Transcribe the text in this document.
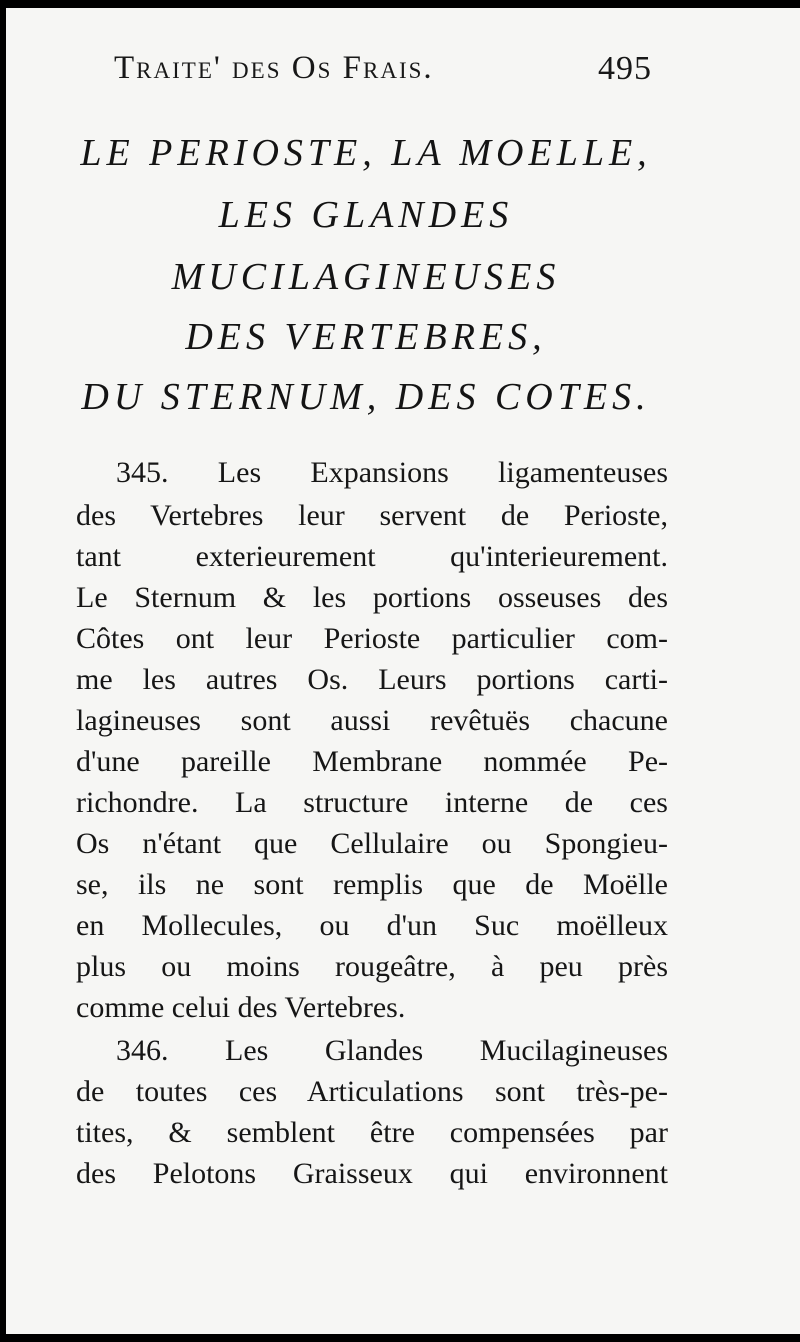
Traite' des Os Frais.	495
LE PERIOSTE, LA MOELLE,
LES GLANDES
MUCILAGINEUSES
DES VERTEBRES,
DU STERNUM, DES COTES.
345. Les Expansions ligamenteuses
des Vertebres leur servent de Perioste,
tant exterieurement qu'interieurement.
Le Sternum & les portions osseuses des
Côtes ont leur Perioste particulier com-
me les autres Os. Leurs portions carti-
lagineuses sont aussi revêtuës chacune
d'une pareille Membrane nommée Pe-
richondre. La structure interne de ces
Os n'étant que Cellulaire ou Spongieu-
se, ils ne sont remplis que de Moëlle
en Mollecules, ou d'un Suc moëlleux
plus ou moins rougeâtre, à peu près
comme celui des Vertebres.
346. Les Glandes Mucilagineuses
de toutes ces Articulations sont très-pe-
tites, & semblent être compensées par
des Pelotons Graisseux qui environnent
